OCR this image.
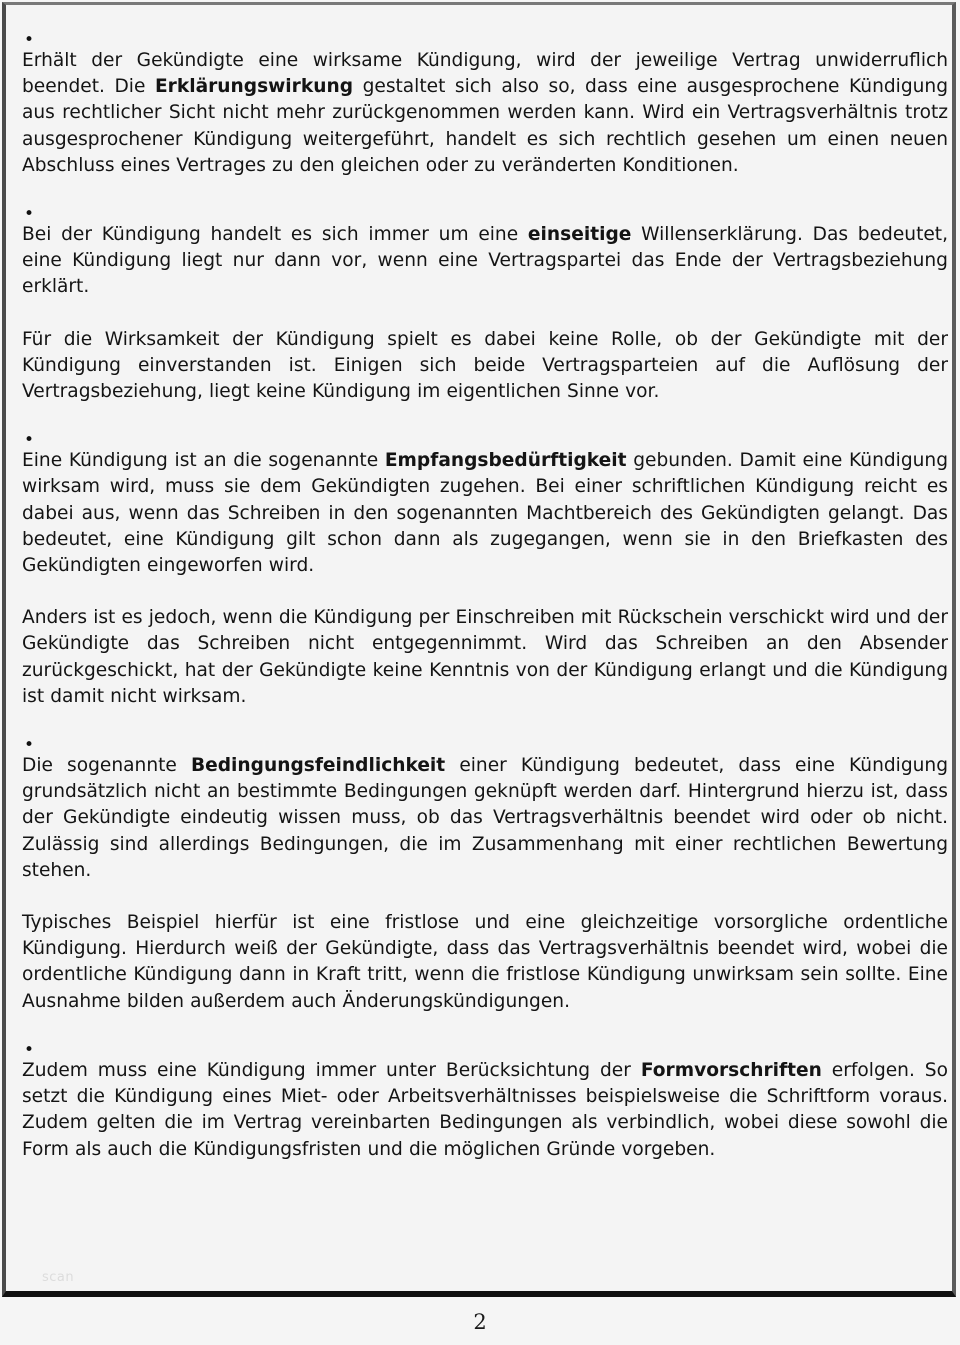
•

Erhält der Gekündigte eine wirksame Kündigung, wird der jeweilige Vertrag unwiderruflich beendet. Die Erklärungswirkung gestaltet sich also so, dass eine ausgesprochene Kündigung aus rechtlicher Sicht nicht mehr zurückgenommen werden kann. Wird ein Vertragsverhältnis trotz ausgesprochener Kündigung weitergeführt, handelt es sich rechtlich gesehen um einen neuen Abschluss eines Vertrages zu den gleichen oder zu veränderten Konditionen.

•

Bei der Kündigung handelt es sich immer um eine einseitige Willenserklärung. Das bedeutet, eine Kündigung liegt nur dann vor, wenn eine Vertragspartei das Ende der Vertragsbeziehung erklärt.

Für die Wirksamkeit der Kündigung spielt es dabei keine Rolle, ob der Gekündigte mit der Kündigung einverstanden ist. Einigen sich beide Vertragsparteien auf die Auflösung der Vertragsbeziehung, liegt keine Kündigung im eigentlichen Sinne vor.

•

Eine Kündigung ist an die sogenannte Empfangsbedürftigkeit gebunden. Damit eine Kündigung wirksam wird, muss sie dem Gekündigten zugehen. Bei einer schriftlichen Kündigung reicht es dabei aus, wenn das Schreiben in den sogenannten Machtbereich des Gekündigten gelangt. Das bedeutet, eine Kündigung gilt schon dann als zugegangen, wenn sie in den Briefkasten des Gekündigten eingeworfen wird.

Anders ist es jedoch, wenn die Kündigung per Einschreiben mit Rückschein verschickt wird und der Gekündigte das Schreiben nicht entgegennimmt. Wird das Schreiben an den Absender zurückgeschickt, hat der Gekündigte keine Kenntnis von der Kündigung erlangt und die Kündigung ist damit nicht wirksam.

•

Die sogenannte Bedingungsfeindlichkeit einer Kündigung bedeutet, dass eine Kündigung grundsätzlich nicht an bestimmte Bedingungen geknüpft werden darf. Hintergrund hierzu ist, dass der Gekündigte eindeutig wissen muss, ob das Vertragsverhältnis beendet wird oder ob nicht. Zulässig sind allerdings Bedingungen, die im Zusammenhang mit einer rechtlichen Bewertung stehen.

Typisches Beispiel hierfür ist eine fristlose und eine gleichzeitige vorsorgliche ordentliche Kündigung. Hierdurch weiß der Gekündigte, dass das Vertragsverhältnis beendet wird, wobei die ordentliche Kündigung dann in Kraft tritt, wenn die fristlose Kündigung unwirksam sein sollte. Eine Ausnahme bilden außerdem auch Änderungskündigungen.

•

Zudem muss eine Kündigung immer unter Berücksichtung der Formvorschriften erfolgen. So setzt die Kündigung eines Miet- oder Arbeitsverhältnisses beispielsweise die Schriftform voraus. Zudem gelten die im Vertrag vereinbarten Bedingungen als verbindlich, wobei diese sowohl die Form als auch die Kündigungsfristen und die möglichen Gründe vorgeben.

scan
2
